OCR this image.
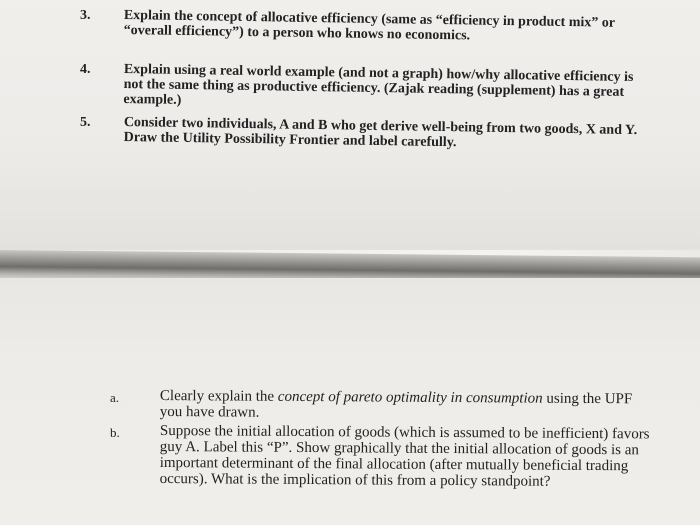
3. Explain the concept of allocative efficiency (same as “efficiency in product mix” or
“overall efficiency”) to a person who knows no economics.
4. Explain using a real world example (and not a graph) how/why allocative efficiency is
not the same thing as productive efficiency. (Zajak reading (supplement) has a great
example.)
5. Consider two individuals, A and B who get derive well-being from two goods, X and Y.
Draw the Utility Possibility Frontier and label carefully.
a.	Clearly explain the concept of pareto optimality in consumption using the UPF
you have drawn.
b.	Suppose the initial allocation of goods (which is assumed to be inefficient) favors
guy A. Label this “P”. Show graphically that the initial allocation of goods is an
important determinant of the final allocation (after mutually beneficial trading
occurs). What is the implication of this from a policy standpoint?
